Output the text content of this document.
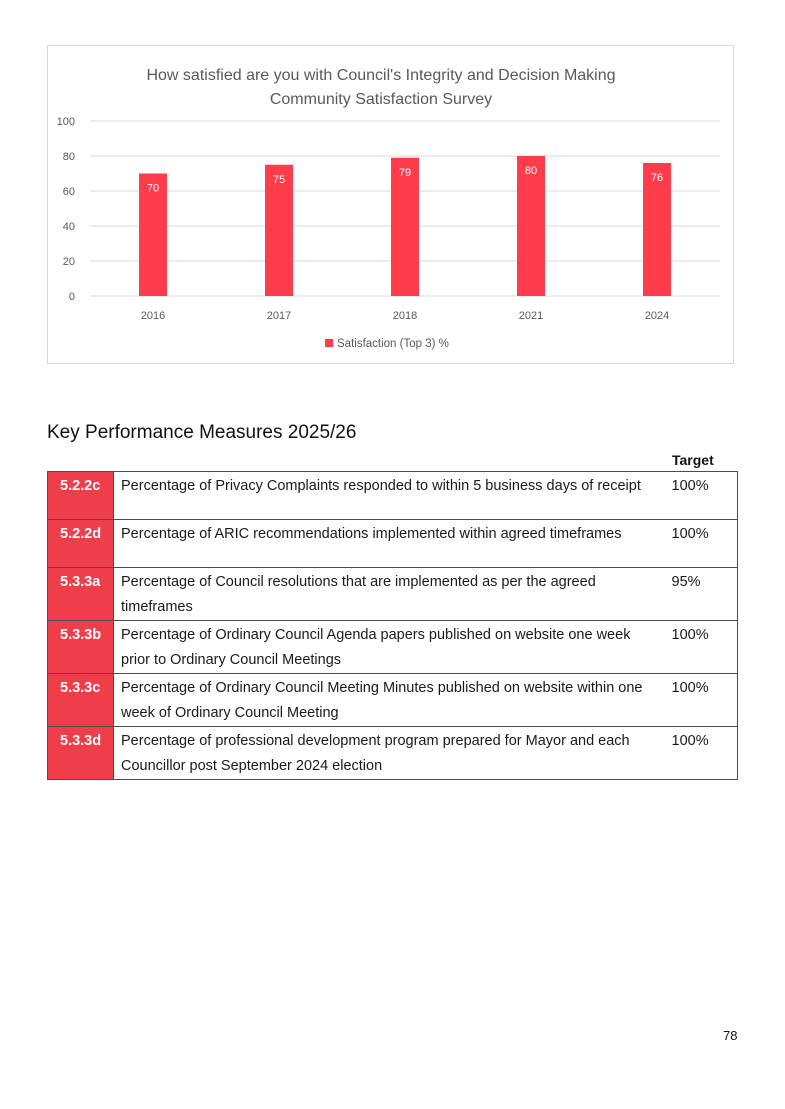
How satisfied are you with Council's Integrity and Decision Making
Community Satisfaction Survey
0
20
40
60
80
100
70
75
79	80
76
2016	2017	2018	2021	2024
Satisfaction (Top 3) %
Key Performance Measures 2025/26
Target
5.2.2c	Percentage of Privacy Complaints responded to within 5 business days of receipt	100%
5.2.2d	Percentage of ARIC recommendations implemented within agreed timeframes	100%
5.3.3a	Percentage of Council resolutions that are implemented as per the agreed timeframes	95%
5.3.3b	Percentage of Ordinary Council Agenda papers published on website one week prior to Ordinary Council Meetings	100%
5.3.3c	Percentage of Ordinary Council Meeting Minutes published on website within one week of Ordinary Council Meeting	100%
5.3.3d	Percentage of professional development program prepared for Mayor and each Councillor post September 2024 election	100%
78
